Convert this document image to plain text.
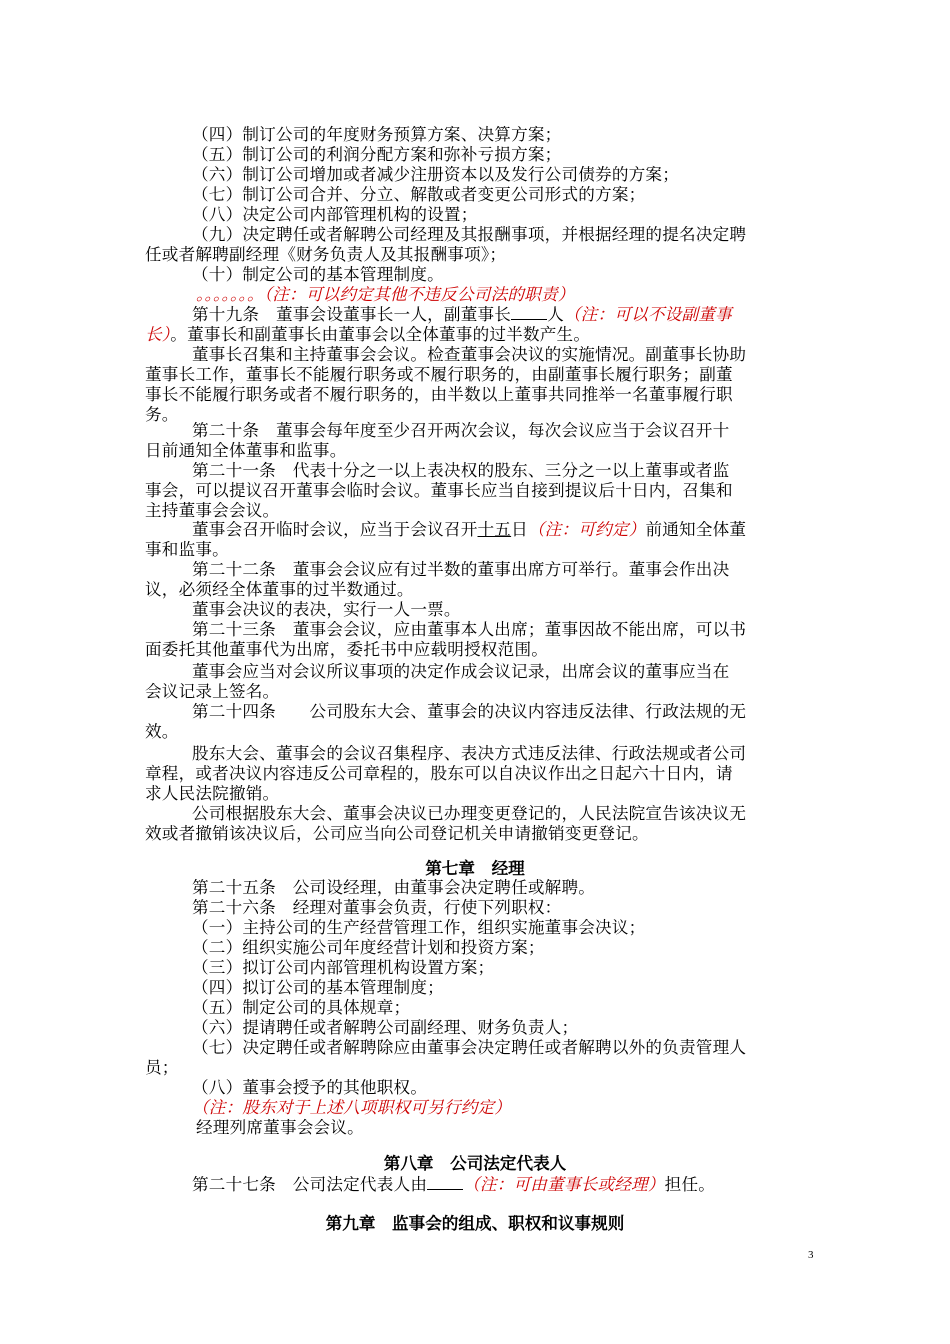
（四）制订公司的年度财务预算方案、决算方案；
（五）制订公司的利润分配方案和弥补亏损方案；
（六）制订公司增加或者减少注册资本以及发行公司债券的方案；
（七）制订公司合并、分立、解散或者变更公司形式的方案；
（八）决定公司内部管理机构的设置；
（九）决定聘任或者解聘公司经理及其报酬事项，并根据经理的提名决定聘
任或者解聘副经理《财务负责人及其报酬事项》；
（十）制定公司的基本管理制度。
。。。。。。。（注：可以约定其他不违反公司法的职责）
第十九条　董事会设董事长一人，副董事长 人（注：可以不设副董事
长）。董事长和副董事长由董事会以全体董事的过半数产生。
董事长召集和主持董事会会议。检查董事会决议的实施情况。副董事长协助
董事长工作，董事长不能履行职务或不履行职务的，由副董事长履行职务；副董
事长不能履行职务或者不履行职务的，由半数以上董事共同推举一名董事履行职
务。
第二十条　董事会每年度至少召开两次会议，每次会议应当于会议召开十
日前通知全体董事和监事。
第二十一条　代表十分之一以上表决权的股东、三分之一以上董事或者监
事会，可以提议召开董事会临时会议。董事长应当自接到提议后十日内，召集和
主持董事会会议。
董事会召开临时会议，应当于会议召开十五日（注：可约定）前通知全体董
事和监事。
第二十二条　董事会会议应有过半数的董事出席方可举行。董事会作出决
议，必须经全体董事的过半数通过。
董事会决议的表决，实行一人一票。
第二十三条　董事会会议，应由董事本人出席；董事因故不能出席，可以书
面委托其他董事代为出席，委托书中应载明授权范围。
董事会应当对会议所议事项的决定作成会议记录，出席会议的董事应当在
会议记录上签名。
第二十四条　　公司股东大会、董事会的决议内容违反法律、行政法规的无
效。
股东大会、董事会的会议召集程序、表决方式违反法律、行政法规或者公司
章程，或者决议内容违反公司章程的，股东可以自决议作出之日起六十日内，请
求人民法院撤销。
公司根据股东大会、董事会决议已办理变更登记的，人民法院宣告该决议无
效或者撤销该决议后，公司应当向公司登记机关申请撤销变更登记。
第七章　经理
第二十五条　公司设经理，由董事会决定聘任或解聘。
第二十六条　经理对董事会负责，行使下列职权：
（一）主持公司的生产经营管理工作，组织实施董事会决议；
（二）组织实施公司年度经营计划和投资方案；
（三）拟订公司内部管理机构设置方案；
（四）拟订公司的基本管理制度；
（五）制定公司的具体规章；
（六）提请聘任或者解聘公司副经理、财务负责人；
（七）决定聘任或者解聘除应由董事会决定聘任或者解聘以外的负责管理人
员；
（八）董事会授予的其他职权。
（注：股东对于上述八项职权可另行约定）
经理列席董事会会议。
第八章　公司法定代表人
第二十七条　公司法定代表人由 （注：可由董事长或经理）担任。
第九章　监事会的组成、职权和议事规则
3
